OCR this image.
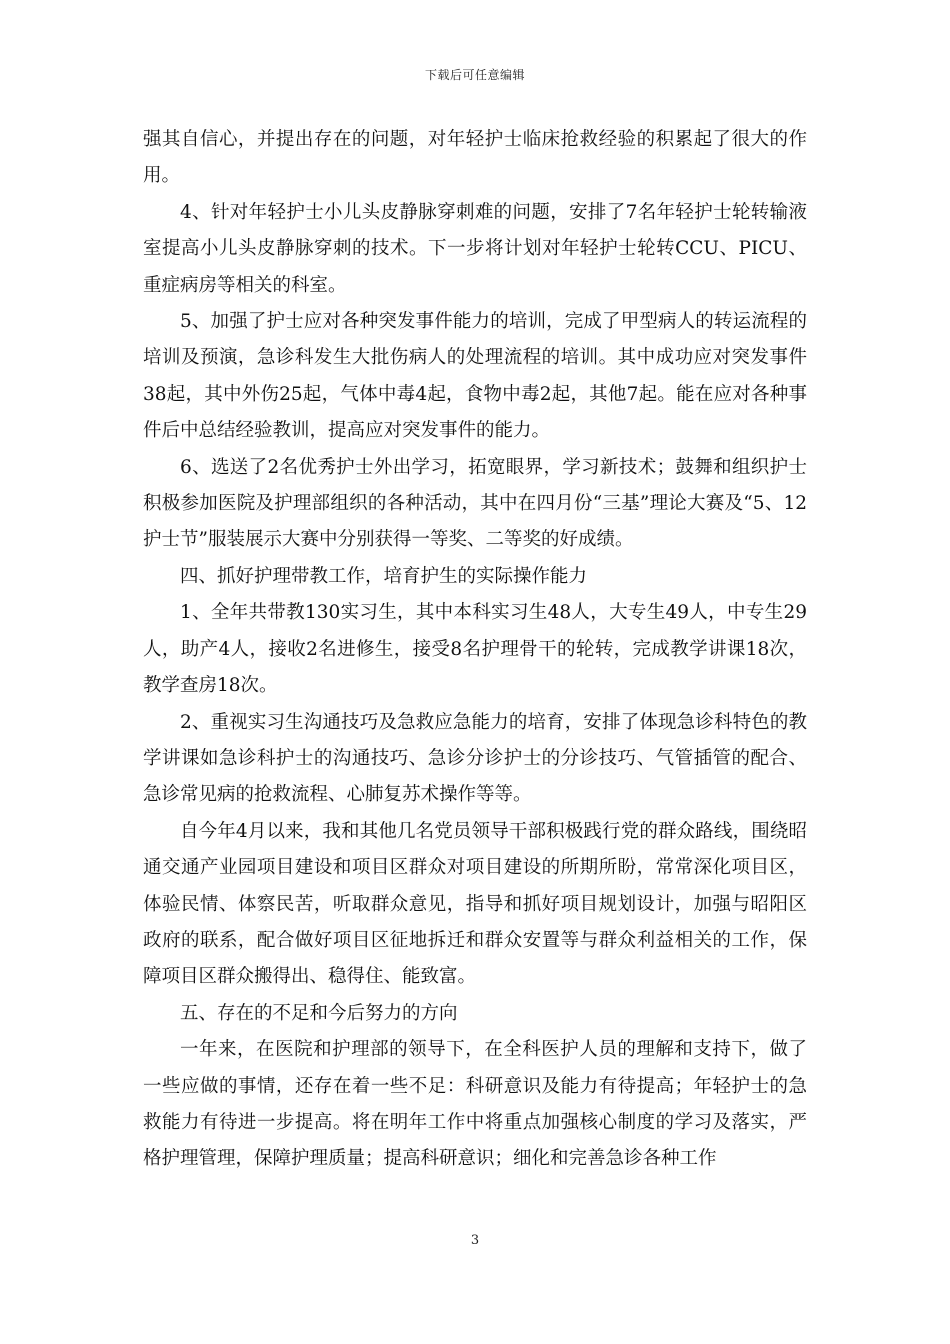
下载后可任意编辑

强其自信心，并提出存在的问题，对年轻护士临床抢救经验的积累起了很大的作用。

4、针对年轻护士小儿头皮静脉穿刺难的问题，安排了7名年轻护士轮转输液室提高小儿头皮静脉穿刺的技术。下一步将计划对年轻护士轮转CCU、PICU、重症病房等相关的科室。

5、加强了护士应对各种突发事件能力的培训，完成了甲型病人的转运流程的培训及预演，急诊科发生大批伤病人的处理流程的培训。其中成功应对突发事件38起，其中外伤25起，气体中毒4起，食物中毒2起，其他7起。能在应对各种事件后中总结经验教训，提高应对突发事件的能力。

6、选送了2名优秀护士外出学习，拓宽眼界，学习新技术；鼓舞和组织护士积极参加医院及护理部组织的各种活动，其中在四月份“三基”理论大赛及“5、12护士节”服装展示大赛中分别获得一等奖、二等奖的好成绩。

四、抓好护理带教工作，培育护生的实际操作能力

1、全年共带教130实习生，其中本科实习生48人，大专生49人，中专生29人，助产4人，接收2名进修生，接受8名护理骨干的轮转，完成教学讲课18次，教学查房18次。

2、重视实习生沟通技巧及急救应急能力的培育，安排了体现急诊科特色的教学讲课如急诊科护士的沟通技巧、急诊分诊护士的分诊技巧、气管插管的配合、急诊常见病的抢救流程、心肺复苏术操作等等。

自今年4月以来，我和其他几名党员领导干部积极践行党的群众路线，围绕昭通交通产业园项目建设和项目区群众对项目建设的所期所盼，常常深化项目区，体验民情、体察民苦，听取群众意见，指导和抓好项目规划设计，加强与昭阳区政府的联系，配合做好项目区征地拆迁和群众安置等与群众利益相关的工作，保障项目区群众搬得出、稳得住、能致富。

五、存在的不足和今后努力的方向

一年来，在医院和护理部的领导下，在全科医护人员的理解和支持下，做了一些应做的事情，还存在着一些不足：科研意识及能力有待提高；年轻护士的急救能力有待进一步提高。将在明年工作中将重点加强核心制度的学习及落实，严格护理管理，保障护理质量；提高科研意识；细化和完善急诊各种工作

3
